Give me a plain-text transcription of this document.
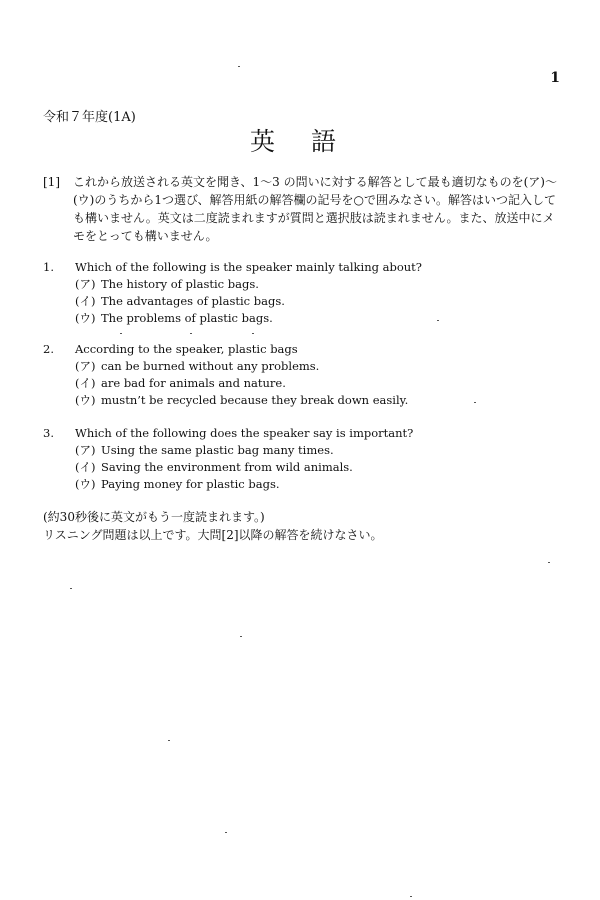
1
令和７年度(1A)
英 語
[1] これから放送される英文を聞き、1～3 の問いに対する解答として最も適切なものを(ア)～(ウ)のうちから1つ選び、解答用紙の解答欄の記号を○で囲みなさい。解答はいつ記入しても構いません。英文は二度読まれますが質問と選択肢は読まれません。また、放送中にメモをとっても構いません。
1.	Which of the following is the speaker mainly talking about?
(ア) The history of plastic bags.
(イ) The advantages of plastic bags.
(ウ) The problems of plastic bags.
2.	According to the speaker, plastic bags
(ア) can be burned without any problems.
(イ) are bad for animals and nature.
(ウ) mustn’t be recycled because they break down easily.
3.	Which of the following does the speaker say is important?
(ア) Using the same plastic bag many times.
(イ) Saving the environment from wild animals.
(ウ) Paying money for plastic bags.
(約30秒後に英文がもう一度読まれます。)
リスニング問題は以上です。大問[2]以降の解答を続けなさい。
